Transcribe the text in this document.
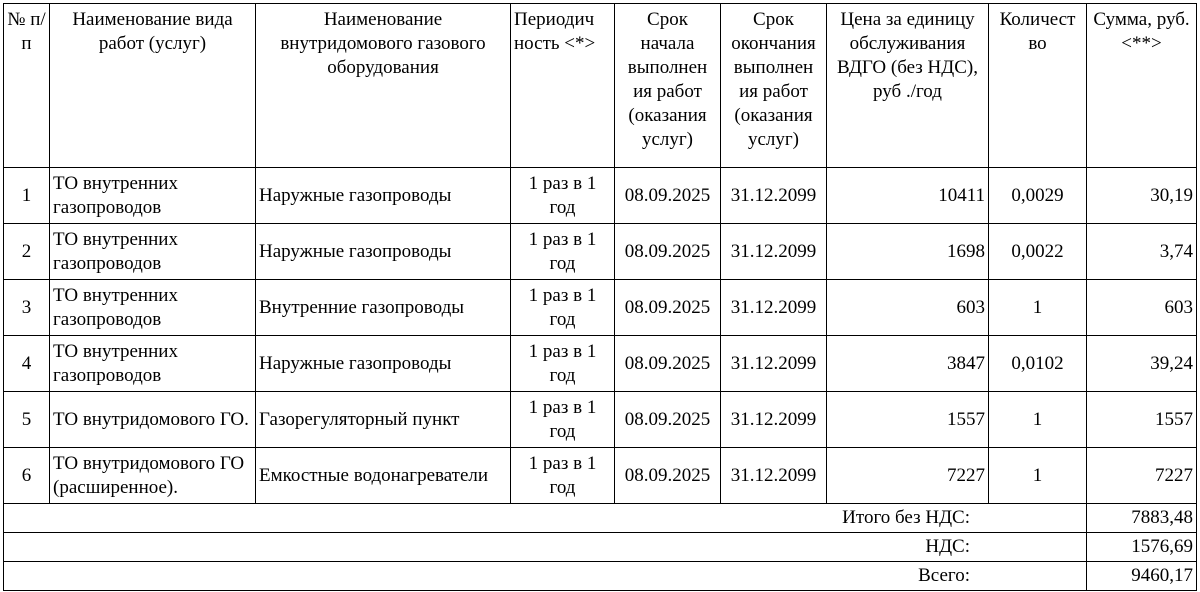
№ п/п	Наименование вида работ (услуг)	Наименование внутридомового газового оборудования	Периодич ность <*>	Срок начала выполнен ия работ (оказания услуг)	Срок окончания выполнен ия работ (оказания услуг)	Цена за единицу обслуживания ВДГО (без НДС), руб ./год	Количест во	Сумма, руб. <**>
1	ТО внутренних газопроводов	Наружные газопроводы	1 раз в 1 год	08.09.2025	31.12.2099	10411	0,0029	30,19
2	ТО внутренних газопроводов	Наружные газопроводы	1 раз в 1 год	08.09.2025	31.12.2099	1698	0,0022	3,74
3	ТО внутренних газопроводов	Внутренние газопроводы	1 раз в 1 год	08.09.2025	31.12.2099	603	1	603
4	ТО внутренних газопроводов	Наружные газопроводы	1 раз в 1 год	08.09.2025	31.12.2099	3847	0,0102	39,24
5	ТО внутридомового ГО.	Газорегуляторный пункт	1 раз в 1 год	08.09.2025	31.12.2099	1557	1	1557
6	ТО внутридомового ГО (расширенное).	Емкостные водонагреватели	1 раз в 1 год	08.09.2025	31.12.2099	7227	1	7227
Итого без НДС:								7883,48
НДС:								1576,69
Всего:								9460,17
